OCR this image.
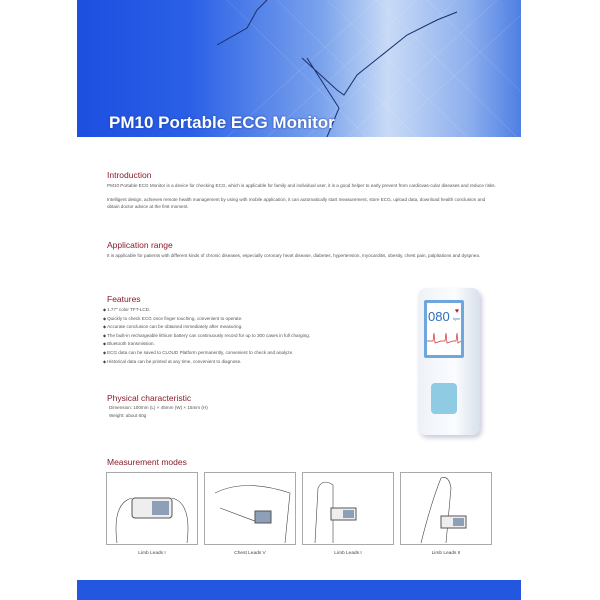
PM10 Portable ECG Monitor
Introduction
PM10 Portable ECG Monitor is a device for checking ECG, which is applicable for family and individual user, it is a good helper to early prevent from cardiovas-cular diseases and reduce risks.
Intelligent design, achieves remote health management by using with mobile application, it can automatically start measurement, store ECG, upload data, download health conclusion and obtain doctor advice at the first moment.
Application range
It is applicable for patients with different kinds of chronic diseases, especially coronary heart disease, diabetes, hypertension, myocarditis, obesity, chest pain, palpitations and dyspnea.
Features
◆ 1.77" color TFT-LCD.
◆ Quickly to check ECG once finger touching, convenient to operate.
◆ Accurate conclusion can be obtained immediately after measuring.
◆ The built-in rechargeable lithium battery can continuously record for up to 300 cases in full charging.
◆ Bluetooth transmission.
◆ ECG data can be saved to CLOUD Platform permanently, convenient to check and analyze.
◆ Historical data can be printed at any time, convenient to diagnose.
Physical characteristic
Dimension: 100mm (L) × 45mm (W) × 15mm (H)
Weight: about 60g
080 ♥
bpm
Measurement modes
Limb Leads I	Chest Leads V	Limb Leads I	Limb Leads II
